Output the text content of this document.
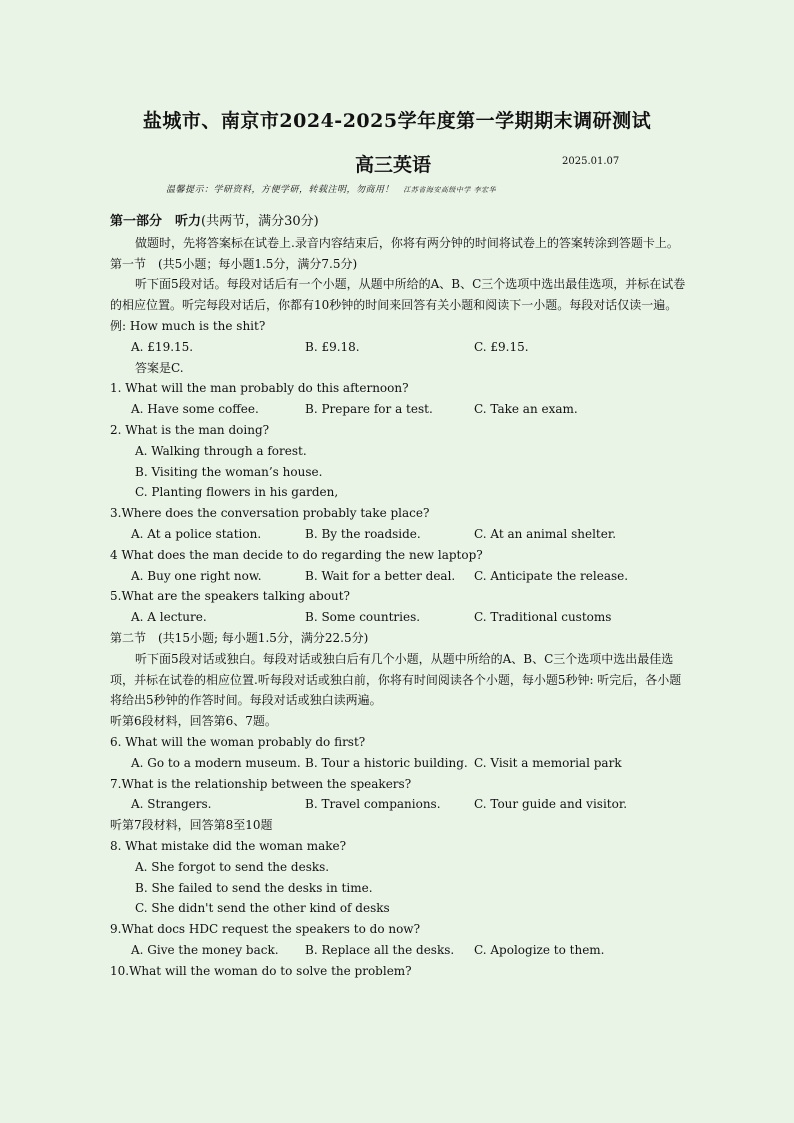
盐城市、南京市2024-2025学年度第一学期期末调研测试
高三英语	2025.01.07
温馨提示：学研资料，方便学研，转载注明，勿商用！ 江苏省海安高级中学 李宏华
第一部分　听力(共两节，满分30分)
做题时，先将答案标在试卷上.录音内容结束后，你将有两分钟的时间将试卷上的答案转涂到答题卡上。
第一节　(共5小题；每小题1.5分，满分7.5分)
听下面5段对话。每段对话后有一个小题，从题中所给的A、B、C三个选项中选出最佳选项，并标在试卷的相应位置。听完每段对话后，你都有10秒钟的时间来回答有关小题和阅读下一小题。每段对话仅读一遍。
例: How much is the shit?
A. £19.15.	B. £9.18.	C. £9.15.
答案是C.
1. What will the man probably do this afternoon?
A. Have some coffee.	B. Prepare for a test.	C. Take an exam.
2. What is the man doing?
A. Walking through a forest.
B. Visiting the woman’s house.
C. Planting flowers in his garden,
3.Where does the conversation probably take place?
A. At a police station.	B. By the roadside.	C. At an animal shelter.
4 What does the man decide to do regarding the new laptop?
A. Buy one right now.	B. Wait for a better deal. C. Anticipate the release.
5.What are the speakers talking about?
A. A lecture.	B. Some countries.	C. Traditional customs
第二节　(共15小题; 每小题1.5分，满分22.5分)
听下面5段对话或独白。每段对话或独白后有几个小题，从题中所给的A、B、C三个选项中选出最佳选项，并标在试卷的相应位置.听每段对话或独白前，你将有时间阅读各个小题，每小题5秒钟: 听完后，各小题将给出5秒钟的作答时间。每段对话或独白读两遍。
听第6段材料，回答第6、7题。
6. What will the woman probably do first?
A. Go to a modern museum. B. Tour a historic building. C. Visit a memorial park
7.What is the relationship between the speakers?
A. Strangers.	B. Travel companions.	C. Tour guide and visitor.
听第7段材料，回答第8至10题
8. What mistake did the woman make?
A. She forgot to send the desks.
B. She failed to send the desks in time.
C. She didn't send the other kind of desks
9.What docs HDC request the speakers to do now?
A. Give the money back. B. Replace all the desks. C. Apologize to them.
10.What will the woman do to solve the problem?
